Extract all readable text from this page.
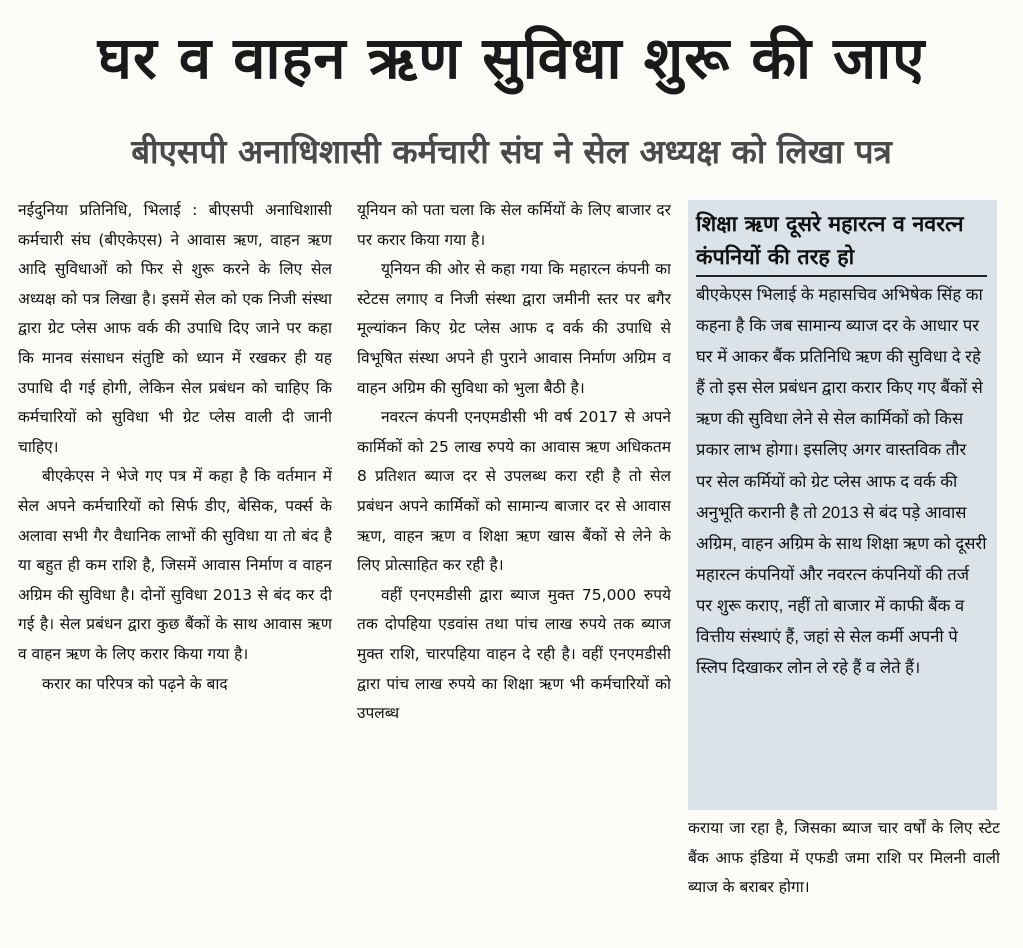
घर व वाहन ऋण सुविधा शुरू की जाए
बीएसपी अनाधिशासी कर्मचारी संघ ने सेल अध्यक्ष को लिखा पत्र

नईदुनिया प्रतिनिधि, भिलाई : बीएसपी अनाधिशासी कर्मचारी संघ (बीएकेएस) ने आवास ऋण, वाहन ऋण आदि सुविधाओं को फिर से शुरू करने के लिए सेल अध्यक्ष को पत्र लिखा है। इसमें सेल को एक निजी संस्था द्वारा ग्रेट प्लेस आफ वर्क की उपाधि दिए जाने पर कहा कि मानव संसाधन संतुष्टि को ध्यान में रखकर ही यह उपाधि दी गई होगी, लेकिन सेल प्रबंधन को चाहिए कि कर्मचारियों को सुविधा भी ग्रेट प्लेस वाली दी जानी चाहिए।

बीएकेएस ने भेजे गए पत्र में कहा है कि वर्तमान में सेल अपने कर्मचारियों को सिर्फ डीए, बेसिक, पर्क्स के अलावा सभी गैर वैधानिक लाभों की सुविधा या तो बंद है या बहुत ही कम राशि है, जिसमें आवास निर्माण व वाहन अग्रिम की सुविधा है। दोनों सुविधा 2013 से बंद कर दी गई है। सेल प्रबंधन द्वारा कुछ बैंकों के साथ आवास ऋण व वाहन ऋण के लिए करार किया गया है।

करार का परिपत्र को पढ़ने के बाद

यूनियन को पता चला कि सेल कर्मियों के लिए बाजार दर पर करार किया गया है।

यूनियन की ओर से कहा गया कि महारत्न कंपनी का स्टेटस लगाए व निजी संस्था द्वारा जमीनी स्तर पर बगैर मूल्यांकन किए ग्रेट प्लेस आफ द वर्क की उपाधि से विभूषित संस्था अपने ही पुराने आवास निर्माण अग्रिम व वाहन अग्रिम की सुविधा को भुला बैठी है।

नवरत्न कंपनी एनएमडीसी भी वर्ष 2017 से अपने कार्मिकों को 25 लाख रुपये का आवास ऋण अधिकतम 8 प्रतिशत ब्याज दर से उपलब्ध करा रही है तो सेल प्रबंधन अपने कार्मिकों को सामान्य बाजार दर से आवास ऋण, वाहन ऋण व शिक्षा ऋण खास बैंकों से लेने के लिए प्रोत्साहित कर रही है।

वहीं एनएमडीसी द्वारा ब्याज मुक्त 75,000 रुपये तक दोपहिया एडवांस तथा पांच लाख रुपये तक ब्याज मुक्त राशि, चारपहिया वाहन दे रही है। वहीं एनएमडीसी द्वारा पांच लाख रुपये का शिक्षा ऋण भी कर्मचारियों को उपलब्ध

शिक्षा ऋण दूसरे महारत्न व नवरत्न कंपनियों की तरह हो
बीएकेएस भिलाई के महासचिव अभिषेक सिंह का कहना है कि जब सामान्य ब्याज दर के आधार पर घर में आकर बैंक प्रतिनिधि ऋण की सुविधा दे रहे हैं तो इस सेल प्रबंधन द्वारा करार किए गए बैंकों से ऋण की सुविधा लेने से सेल कार्मिकों को किस प्रकार लाभ होगा। इसलिए अगर वास्तविक तौर पर सेल कर्मियों को ग्रेट प्लेस आफ द वर्क की अनुभूति करानी है तो 2013 से बंद पड़े आवास अग्रिम, वाहन अग्रिम के साथ शिक्षा ऋण को दूसरी महारत्न कंपनियों और नवरत्न कंपनियों की तर्ज पर शुरू कराए, नहीं तो बाजार में काफी बैंक व वित्तीय संस्थाएं हैं, जहां से सेल कर्मी अपनी पे स्लिप दिखाकर लोन ले रहे हैं व लेते हैं।

कराया जा रहा है, जिसका ब्याज चार वर्षों के लिए स्टेट बैंक आफ इंडिया में एफडी जमा राशि पर मिलनी वाली ब्याज के बराबर होगा।
